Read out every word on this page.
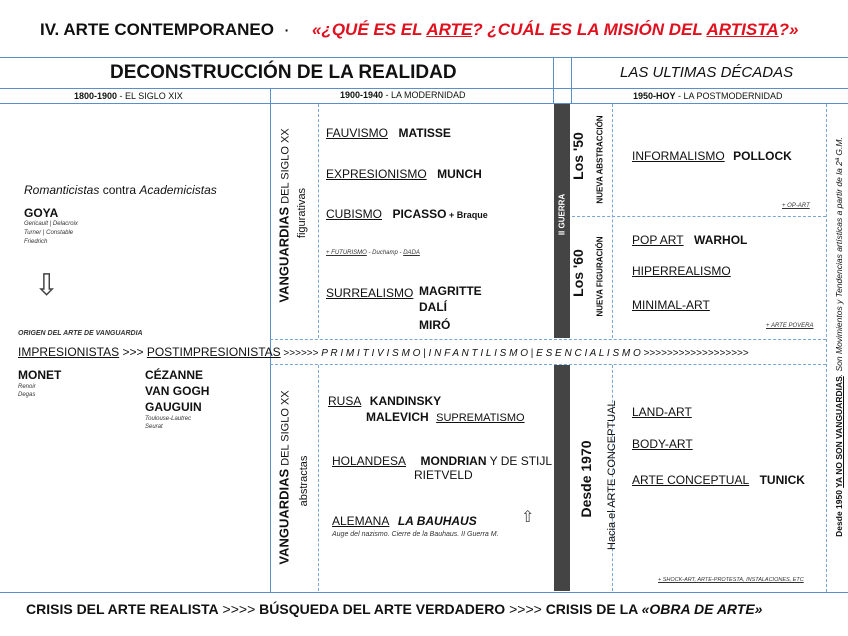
IV. ARTE CONTEMPORANEO ·	«¿QUÉ ES EL ARTE? ¿CUÁL ES LA MISIÓN DEL ARTISTA?»
II GUERRA
DECONSTRUCCIÓN DE LA REALIDAD	LAS ULTIMAS DÉCADAS
1800-1900 - EL SIGLO XIX	1900-1940 - LA MODERNIDAD	1950-HOY - LA POSTMODERNIDAD
Romanticistas contra Academicistas
GOYA
Gericault | Delacroix
Turner | Constable
Friedrich
⇩
ORIGEN DEL ARTE DE VANGUARDIA
IMPRESIONISTAS >>> POSTIMPRESIONISTAS >>>>>> P R I M I T I V I S M O | I N F A N T I L I S M O | E S E N C I A L I S M O >>>>>>>>>>>>>>>>>>
MONET
Renoir
Degas
CÉZANNE
VAN GOGH
GAUGUIN
Toulouse-Lautrec
Seurat
VANGUARDIAS DEL SIGLO XX
figurativas
FAUVISMO MATISSE
EXPRESIONISMO MUNCH
CUBISMO PICASSO + Braque
+ FUTURISMO - Duchamp - DADA
SURREALISMO MAGRITTE
DALÍ
MIRÓ
VANGUARDIAS DEL SIGLO XX
abstractas
RUSA KANDINSKY
MALEVICH SUPREMATISMO
HOLANDESA MONDRIAN Y DE STIJL
RIETVELD
ALEMANA LA BAUHAUS	⇧
Auge del nazismo. Cierre de la Bauhaus. II Guerra M.
Los '50 NUEVA ABSTRACCIÓN INFORMALISMO POLLOCK
+ OP-ART
Los '60 NUEVA FIGURACIÓN POP ART WARHOL
HIPERREALISMO
MINIMAL-ART
+ ARTE POVERA
Desde 1970 Hacia el ARTE CONCEPTUAL LAND-ART
BODY-ART
ARTE CONCEPTUAL TUNICK
+ SHOCK-ART, ARTE-PROTESTA, INSTALACIONES, ETC
Desde 1950 YA NO SON VANGUARDIAS. Son Movimientos y Tendencias artísticas a partir de la 2ª G.M.
CRISIS DEL ARTE REALISTA >>>> BÚSQUEDA DEL ARTE VERDADERO >>>> CRISIS DE LA «OBRA DE ARTE»
